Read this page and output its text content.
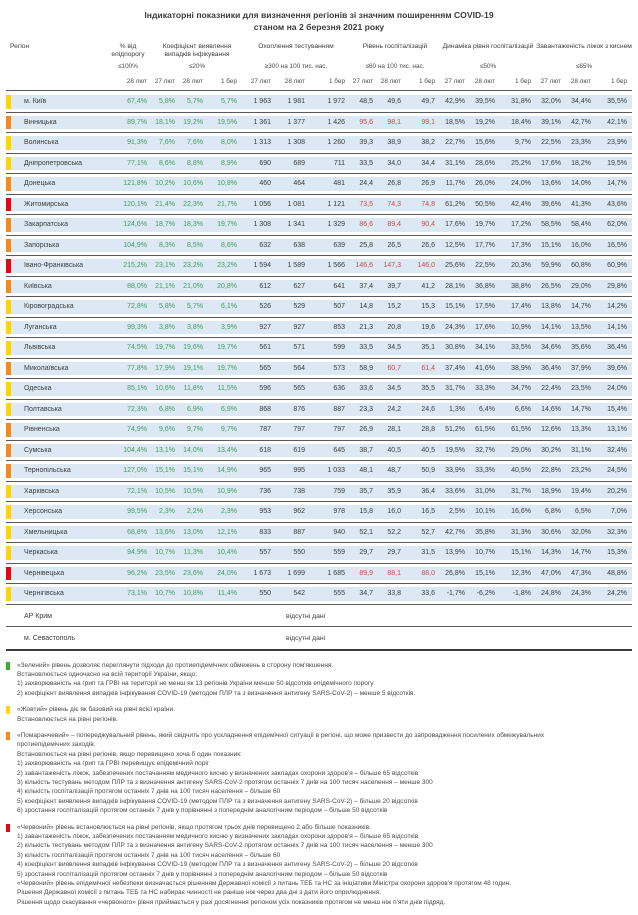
Індикаторні показники для визначення регіонів зі значним поширенням COVID-19
станом на 2 березня 2021 року
Регіон	% від епідпорогу
Коефіцієнт виявлення випадків інфікування
Охоплення тестуванням	Рівень госпіталізацій	Динаміка рівня госпіталізацій Завантаженість ліжок з киснем
≤100%	≤20%	≥300 на 100 тис. нас.	≤60 на 100 тис. нас.	≤50%	≤65%
28 лют	27 лют	28 лют	1 бер	27 лют	28 лют	1 бер	27 лют	28 лют	1 бер	27 лют	28 лют	1 бер	27 лют	28 лют	1 бер
м. Київ	67,4%	5,8%	5,7%	5,7%	1 963	1 981	1 972	48,5	49,6	49,7	42,9%	39,5%	31,8%	32,0%	34,4%	35,5%
Вінницька	89,7%	18,1%	19,2%	19,5%	1 361	1 377	1 426	95,6	98,1	99,1	18,5%	19,2%	18,4%	39,1%	42,7%	42,1%
Волинська	91,3%	7,6%	7,6%	8,0%	1 313	1 308	1 260	39,3	38,9	38,2	22,7%	15,6%	9,7%	22,5%	23,3%	23,9%
Дніпропетровська	77,1%	8,6%	8,8%	8,9%	690	689	711	33,5	34,0	34,4	31,1%	28,6%	25,2%	17,6%	18,2%	19,5%
Донецька	121,8%	10,2%	10,6%	10,8%	460	464	481	24,4	26,8	26,9	11,7%	26,0%	24,0%	13,6%	14,0%	14,7%
Житомирська	120,1%	21,4%	22,3%	21,7%	1 056	1 081	1 121	73,5	74,3	74,8	61,2%	50,5%	42,4%	39,6%	41,3%	43,6%
Закарпатська	124,6%	18,7%	18,3%	19,7%	1 308	1 341	1 329	86,6	89,4	90,4	17,6%	19,7%	17,2%	58,5%	58,4%	62,0%
Запорізька	104,9%	8,3%	8,5%	8,6%	632	638	639	25,8	26,5	26,6	12,5%	17,7%	17,3%	15,1%	16,0%	16,5%
Івано-Франківська	215,2%	23,1%	23,2%	23,2%	1 594	1 589	1 566	146,6	147,3	146,0	25,6%	22,5%	20,3%	59,9%	60,8%	60,9%
Київська	88,0%	21,1%	21,0%	20,8%	612	627	641	37,4	39,7	41,2	28,1%	36,8%	38,8%	26,5%	29,0%	29,8%
Кіровоградська	72,8%	5,8%	5,7%	6,1%	526	529	507	14,8	15,2	15,3	15,1%	17,5%	17,4%	13,8%	14,7%	14,2%
Луганська	99,3%	3,8%	3,8%	3,9%	927	927	853	21,3	20,8	19,6	24,3%	17,6%	10,9%	14,1%	13,5%	14,1%
Львівська	74,5%	19,7%	19,6%	19,7%	561	571	599	33,5	34,5	35,1	30,8%	34,1%	33,5%	34,6%	35,6%	36,4%
Миколаївська	77,8%	17,9%	19,1%	19,7%	565	564	573	58,9	60,7	61,4	37,4%	41,6%	38,9%	36,4%	37,9%	39,6%
Одеська	85,1%	10,6%	11,8%	11,5%	596	565	636	33,6	34,5	35,5	31,7%	33,3%	34,7%	22,4%	23,5%	24,0%
Полтавська	72,3%	6,8%	6,9%	6,9%	868	876	887	23,3	24,2	24,6	1,3%	6,4%	6,6%	14,6%	14,7%	15,4%
Рівненська	74,9%	9,6%	9,7%	9,7%	787	797	797	26,9	28,1	28,8	51,2%	61,5%	61,5%	12,6%	13,3%	13,1%
Сумська	104,4%	13,1%	14,0%	13,4%	618	619	645	38,7	40,5	40,5	19,5%	32,7%	29,0%	30,2%	31,1%	32,4%
Тернопільська	127,0%	15,1%	15,1%	14,9%	965	995	1 033	48,1	48,7	50,9	33,9%	33,3%	40,5%	22,8%	23,2%	24,5%
Харківська	72,1%	10,5%	10,5%	10,9%	736	738	759	35,7	35,9	36,4	33,6%	31,0%	31,7%	18,9%	19,4%	20,2%
Херсонська	99,5%	2,3%	2,2%	2,3%	953	962	978	15,8	16,0	16,5	2,5%	10,1%	16,6%	6,8%	6,5%	7,0%
Хмельницька	68,8%	13,6%	13,0%	12,1%	833	887	940	52,1	52,2	52,7	42,7%	35,8%	31,3%	30,6%	32,0%	32,3%
Черкаська	94,9%	10,7%	11,3%	10,4%	557	550	559	29,7	29,7	31,5	13,9%	10,7%	15,1%	14,3%	14,7%	15,3%
Чернівецька	96,2%	23,5%	23,6%	24,0%	1 673	1 699	1 685	89,9	88,1	88,0	26,8%	15,1%	12,3%	47,0%	47,3%	48,8%
Чернігівська	73,1%	10,7%	10,8%	11,4%	550	542	555	34,7	33,8	33,6	-1,7%	-6,2%	-1,8%	24,8%	24,3%	24,2%
АР Крим	відсутні дані
м. Севастополь	відсутні дані
«Зелений» рівень дозволяє переглянути підходи до протиепідемічних обмежень в сторону пом'якшення.
Встановлюється одночасно на всій території України, якщо:
1) захворюваність на грип та ГРВІ на території не менш як 13 регіонів України менше 50 відсотків епідемічного порогу
2) коефіцієнт виявлення випадків інфікування COVID-19 (методом ПЛР та з визначення антигену SARS-CoV-2) – менше 5 відсотків.
«Жовтий» рівень діє як базовий на рівні всієї країни.
Встановлюється на рівні регіонів.
«Помаранчевий» – попереджувальний рівень, який свідчить про ускладнення епідемічної ситуації в регіоні, що може призвести до запровадження посилених обмежувальних
протиепідемічних заходів.
Встановлюється на рівні регіонів, якщо перевищено хоча б один показник:
1) захворюваність на грип та ГРВІ перевищує епідемічний поріг
2) завантаженість ліжок, забезпечених постачанням медичного кисню у визначених закладах охорони здоров'я – більше 65 відсотків
3) кількість тестувань методом ПЛР та з визначення антигену SARS-CoV-2 протягом останніх 7 днів на 100 тисяч населення – менше 300
4) кількість госпіталізацій протягом останніх 7 днів на 100 тисяч населення – більше 60
5) коефіцієнт виявлення випадків інфікування COVID-19 (методом ПЛР та з визначення антигену SARS-CoV-2) – більше 20 відсотків
6) зростання госпіталізацій протягом останніх 7 днів у порівнянні з попереднім аналогічним періодом – більше 50 відсотків
«Червоний» рівень встановлюється на рівні регіонів, якщо протягом трьох днів перевищено 2 або більше показників:
1) завантаженість ліжок, забезпечених постачанням медичного кисню у визначених закладах охорони здоров'я – більше 65 відсотків
2) кількість тестувань методом ПЛР та з визначення антигену SARS-CoV-2 протягом останніх 7 днів на 100 тисяч населення – менше 300
3) кількість госпіталізацій протягом останніх 7 днів на 100 тисяч населення – більше 60
4) коефіцієнт виявлення випадків інфікування COVID-19 (методом ПЛР та з визначення антигену SARS-CoV-2) – більше 20 відсотків
5) зростання госпіталізацій протягом останніх 7 днів у порівнянні з попереднім аналогічним періодом – більше 50 відсотків
«Червоний» рівень епідемічної небезпеки визначається рішенням Державної комісії з питань ТЕБ та НС за ініціативи Міністра охорони здоров'я протягом 48 годин.
Рішення Державної комісії з питань ТЕБ та НС набирає чинності не раніше ніж через два дні з дати його оприлюднення.
Рішення щодо скасування «червоного» рівня приймається у разі досягнення регіоном усіх показників протягом не менш ніж п'яти днів підряд.
